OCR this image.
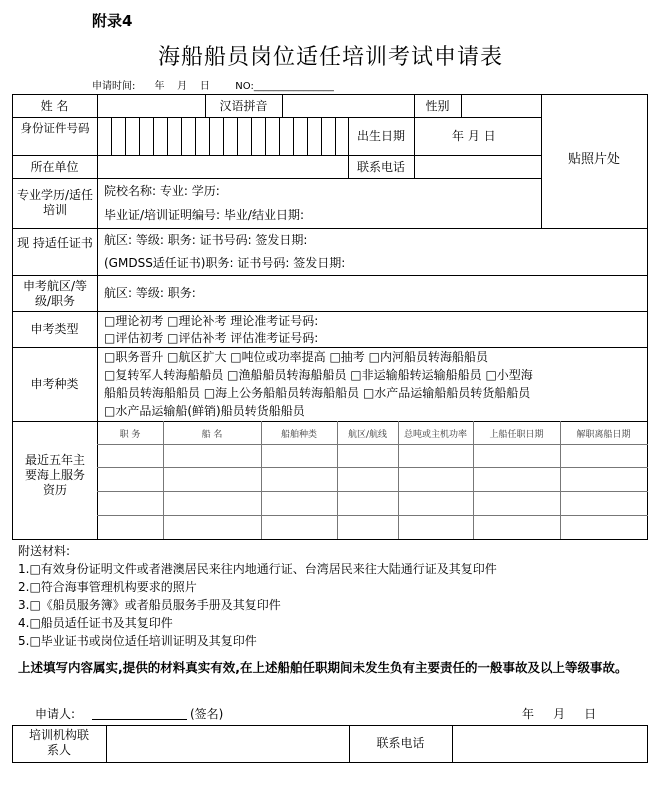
附录4
海船船员岗位适任培训考试申请表
申请时间:      年    月    日        NO:________________
姓 名	汉语拼音	性别
贴照片处
身份证件号码
出生日期	年 月 日
所在单位	联系电话
专业学历/适任培训
院校名称: 专业: 学历:
毕业证/培训证明编号: 毕业/结业日期:
现 持适任证书 航区: 等级: 职务: 证书号码: 签发日期:
(GMDSS适任证书)职务: 证书号码: 签发日期:
申考航区/等级/职务
航区: 等级: 职务:
申考类型
□理论初考 □理论补考 理论准考证号码:
□评估初考 □评估补考 评估准考证号码:
申考种类
□职务晋升 □航区扩大 □吨位或功率提高 □抽考 □内河船员转海船船员
□复转军人转海船船员 □渔船船员转海船船员 □非运输船转运输船船员 □小型海
船船员转海船船员 □海上公务船船员转海船船员 □水产品运输船船员转货船船员
□水产品运输船(鲜销)船员转货船船员
最近五年主要海上服务资历
职 务	船 名	船舶种类	航区/航线	总吨或主机功率	上船任职日期	解职离船日期
附送材料:
1.□有效身份证明文件或者港澳居民来往内地通行证、台湾居民来往大陆通行证及其复印件
2.□符合海事管理机构要求的照片
3.□《船员服务簿》或者船员服务手册及其复印件
4.□船员适任证书及其复印件
5.□毕业证书或岗位适任培训证明及其复印件
上述填写内容属实,提供的材料真实有效,在上述船舶任职期间未发生负有主要责任的一般事故及以上等级事故。
申请人:	(签名)	年     月     日
培训机构联系人	联系电话
